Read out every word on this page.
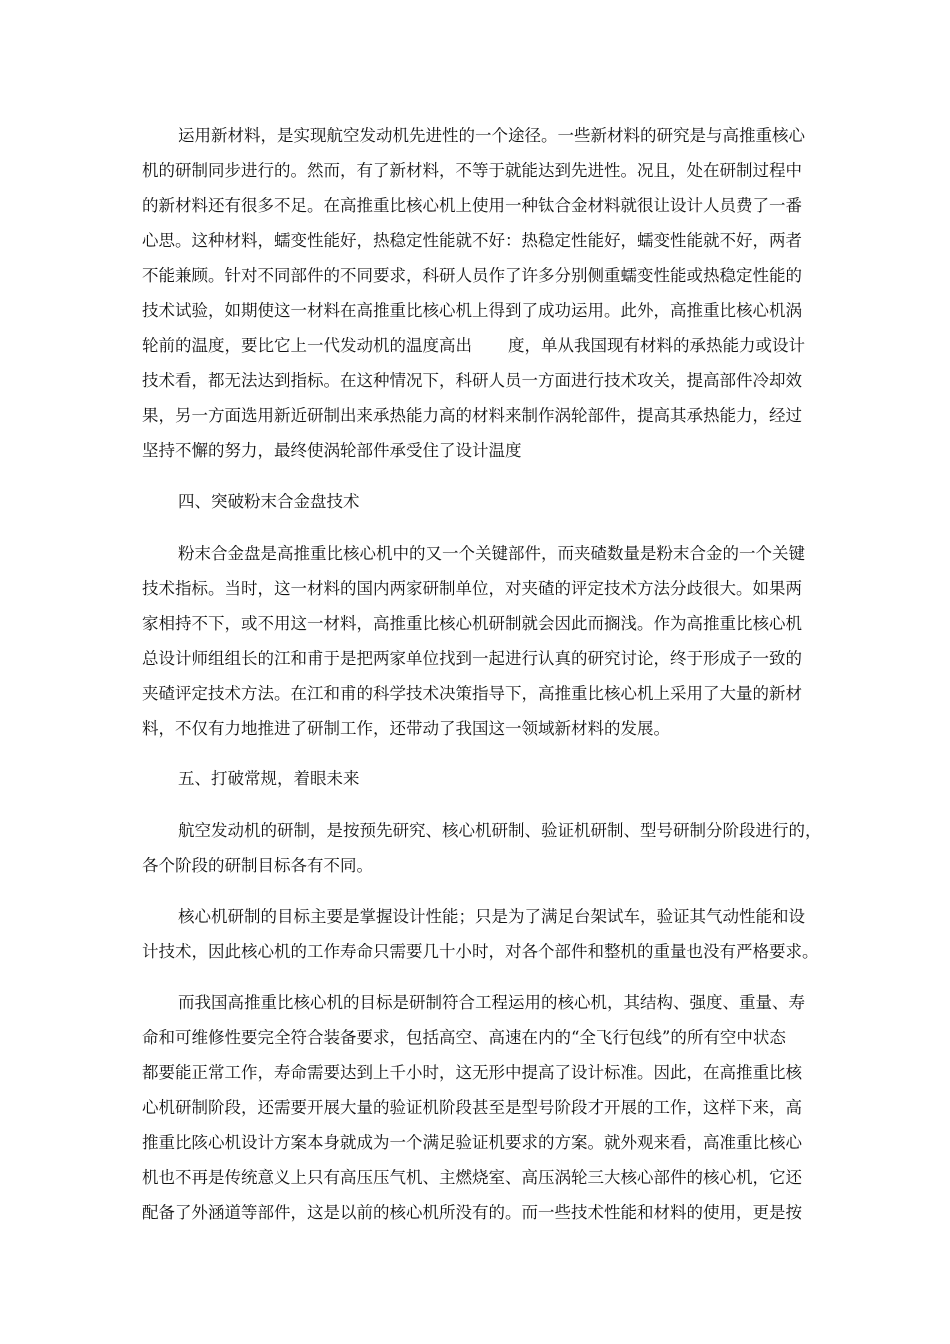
运用新材料，是实现航空发动机先进性的一个途径。一些新材料的研究是与高推重核心
机的研制同步进行的。然而，有了新材料，不等于就能达到先进性。况且，处在研制过程中
的新材料还有很多不足。在高推重比核心机上使用一种钛合金材料就很让设计人员费了一番
心思。这种材料，蠕变性能好，热稳定性能就不好：热稳定性能好，蠕变性能就不好，两者
不能兼顾。针对不同部件的不同要求，科研人员作了许多分别侧重蠕变性能或热稳定性能的
技术试验，如期使这一材料在高推重比核心机上得到了成功运用。此外，高推重比核心机涡
轮前的温度，要比它上一代发动机的温度高出 度，单从我国现有材料的承热能力或设计
技术看，都无法达到指标。在这种情况下，科研人员一方面进行技术攻关，提高部件冷却效
果，另一方面选用新近研制出来承热能力高的材料来制作涡轮部件，提高其承热能力，经过
坚持不懈的努力，最终使涡轮部件承受住了设计温度
四、突破粉末合金盘技术
粉末合金盘是高推重比核心机中的又一个关键部件，而夹碴数量是粉末合金的一个关键
技术指标。当时，这一材料的国内两家研制单位，对夹碴的评定技术方法分歧很大。如果两
家相持不下，或不用这一材料，高推重比核心机研制就会因此而搁浅。作为高推重比核心机
总设计师组组长的江和甫于是把两家单位找到一起进行认真的研究讨论，终于形成子一致的
夹碴评定技术方法。在江和甫的科学技术决策指导下，高推重比核心机上采用了大量的新材
料，不仅有力地推进了研制工作，还带动了我国这一领域新材料的发展。
五、打破常规，着眼未来
航空发动机的研制，是按预先研究、核心机研制、验证机研制、型号研制分阶段进行的，
各个阶段的研制目标各有不同。
核心机研制的目标主要是掌握设计性能；只是为了满足台架试车，验证其气动性能和设
计技术，因此核心机的工作寿命只需要几十小时，对各个部件和整机的重量也没有严格要求。
而我国高推重比核心机的目标是研制符合工程运用的核心机，其结构、强度、重量、寿
命和可维修性要完全符合装备要求，包括高空、高速在内的“全飞行包线”的所有空中状态
都要能正常工作，寿命需要达到上千小时，这无形中提高了设计标准。因此，在高推重比核
心机研制阶段，还需要开展大量的验证机阶段甚至是型号阶段才开展的工作，这样下来，高
推重比陔心机设计方案本身就成为一个满足验证机要求的方案。就外观来看，高准重比核心
机也不再是传统意义上只有高压压气机、主燃烧室、高压涡轮三大核心部件的核心机，它还
配备了外涵道等部件，这是以前的核心机所没有的。而一些技术性能和材料的使用，更是按
